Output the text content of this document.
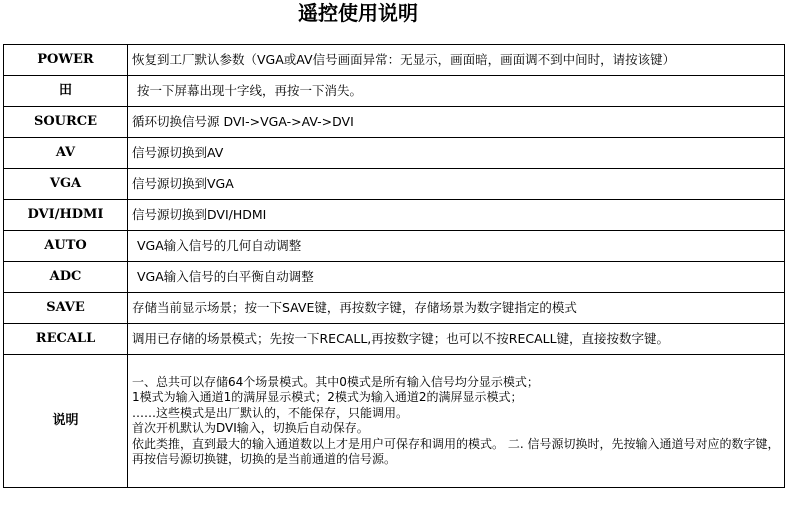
遥控使用说明
POWER	恢复到工厂默认参数（VGA或AV信号画面异常：无显示，画面暗，画面调不到中间时，请按该键）
田	按一下屏幕出现十字线，再按一下消失。
SOURCE	循环切换信号源 DVI->VGA->AV->DVI
AV	信号源切换到AV
VGA	信号源切换到VGA
DVI/HDMI	信号源切换到DVI/HDMI
AUTO	VGA输入信号的几何自动调整
ADC	VGA输入信号的白平衡自动调整
SAVE	存储当前显示场景；按一下SAVE键，再按数字键，存储场景为数字键指定的模式
RECALL	调用已存储的场景模式；先按一下RECALL,再按数字键；也可以不按RECALL键，直接按数字键。
说明	一、总共可以存储64个场景模式。其中0模式是所有输入信号均分显示模式；
1模式为输入通道1的满屏显示模式；2模式为输入通道2的满屏显示模式；
……这些模式是出厂默认的，不能保存，只能调用。
首次开机默认为DVI输入，切换后自动保存。
依此类推，直到最大的输入通道数以上才是用户可保存和调用的模式。 二. 信号源切换时，先按输入通道号对应的数字键，再按信号源切换键，切换的是当前通道的信号源。
